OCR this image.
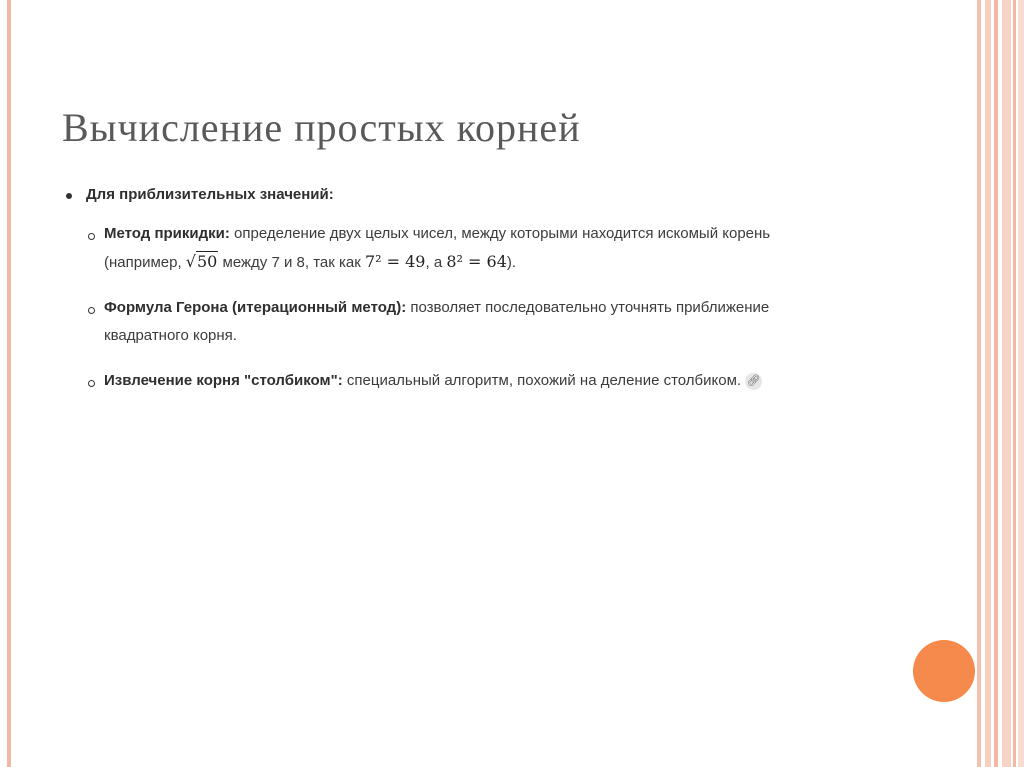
Вычисление простых корней
Для приблизительных значений:
Метод прикидки: определение двух целых чисел, между которыми находится искомый корень (например, √50 между 7 и 8, так как 7² = 49, а 8² = 64).
Формула Герона (итерационный метод): позволяет последовательно уточнять приближение квадратного корня.
Извлечение корня "столбиком": специальный алгоритм, похожий на деление столбиком. 🔗︎
